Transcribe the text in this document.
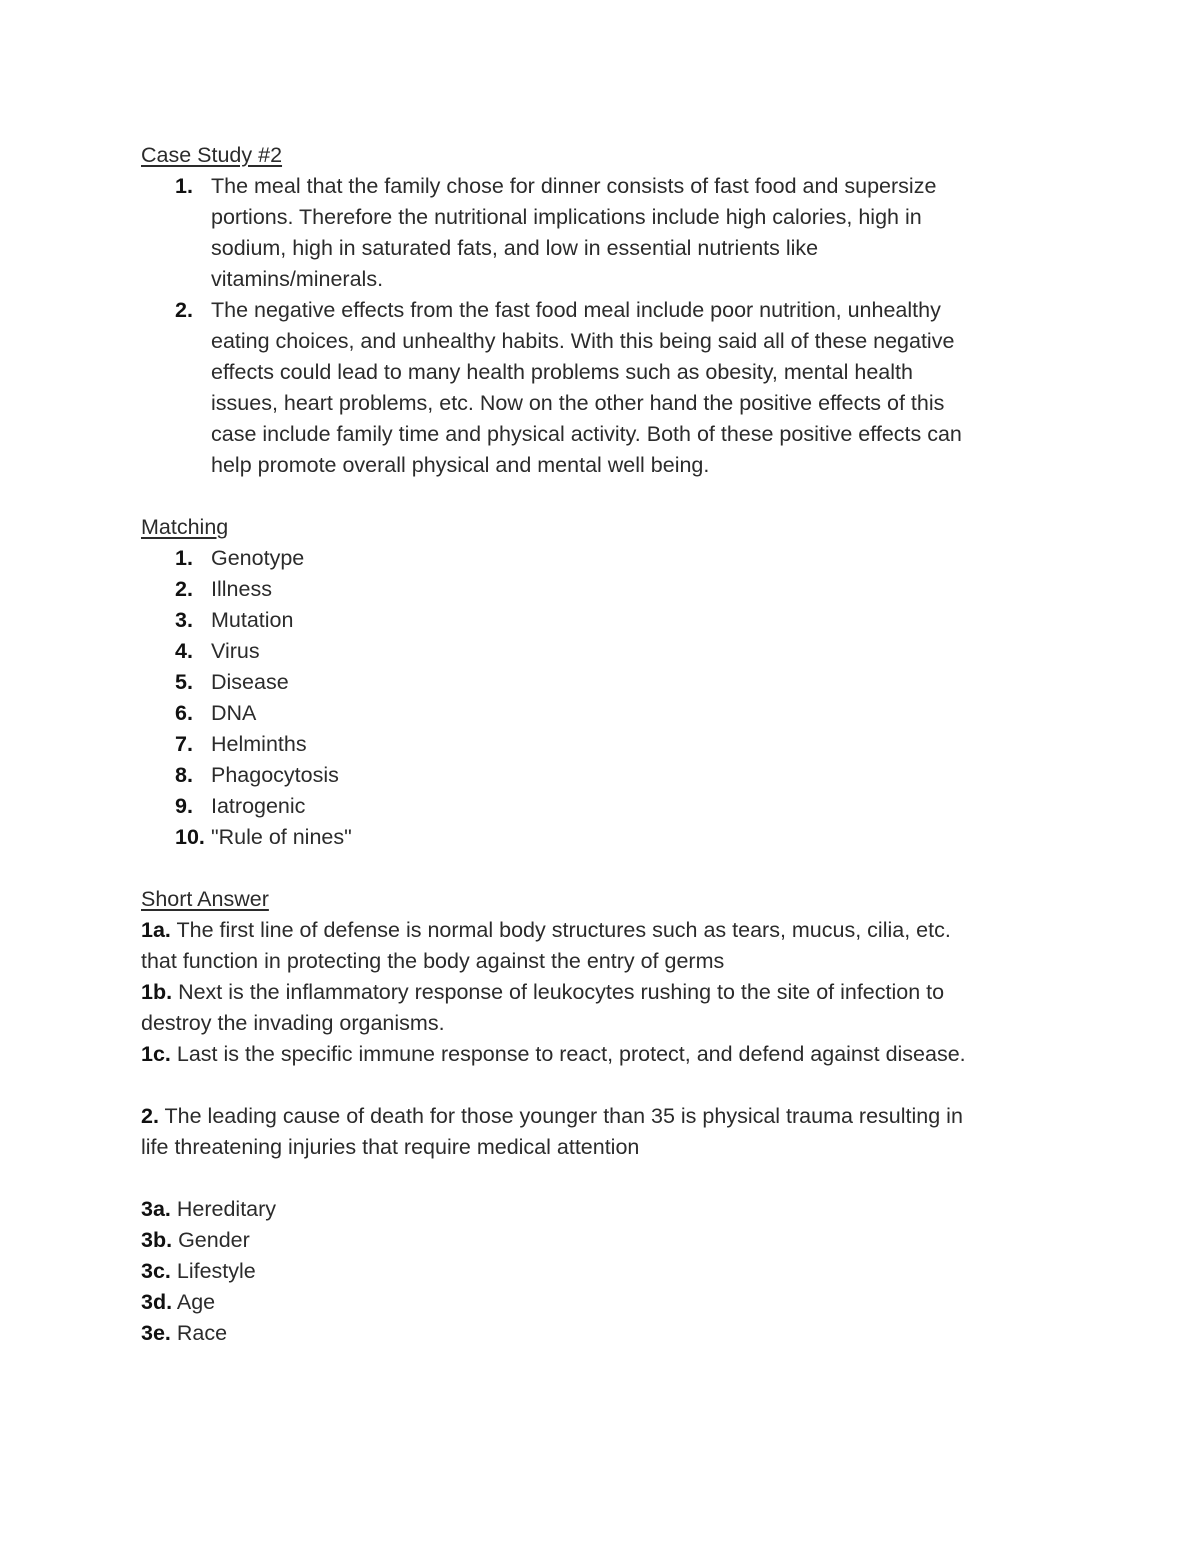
Case Study #2
1. The meal that the family chose for dinner consists of fast food and supersize
portions. Therefore the nutritional implications include high calories, high in
sodium, high in saturated fats, and low in essential nutrients like
vitamins/minerals.
2. The negative effects from the fast food meal include poor nutrition, unhealthy
eating choices, and unhealthy habits. With this being said all of these negative
effects could lead to many health problems such as obesity, mental health
issues, heart problems, etc. Now on the other hand the positive effects of this
case include family time and physical activity. Both of these positive effects can
help promote overall physical and mental well being.
Matching
1. Genotype
2. Illness
3. Mutation
4. Virus
5. Disease
6. DNA
7. Helminths
8. Phagocytosis
9. Iatrogenic
10. "Rule of nines"
Short Answer
1a. The first line of defense is normal body structures such as tears, mucus, cilia, etc.
that function in protecting the body against the entry of germs
1b. Next is the inflammatory response of leukocytes rushing to the site of infection to
destroy the invading organisms.
1c. Last is the specific immune response to react, protect, and defend against disease.
2. The leading cause of death for those younger than 35 is physical trauma resulting in
life threatening injuries that require medical attention
3a. Hereditary
3b. Gender
3c. Lifestyle
3d. Age
3e. Race
